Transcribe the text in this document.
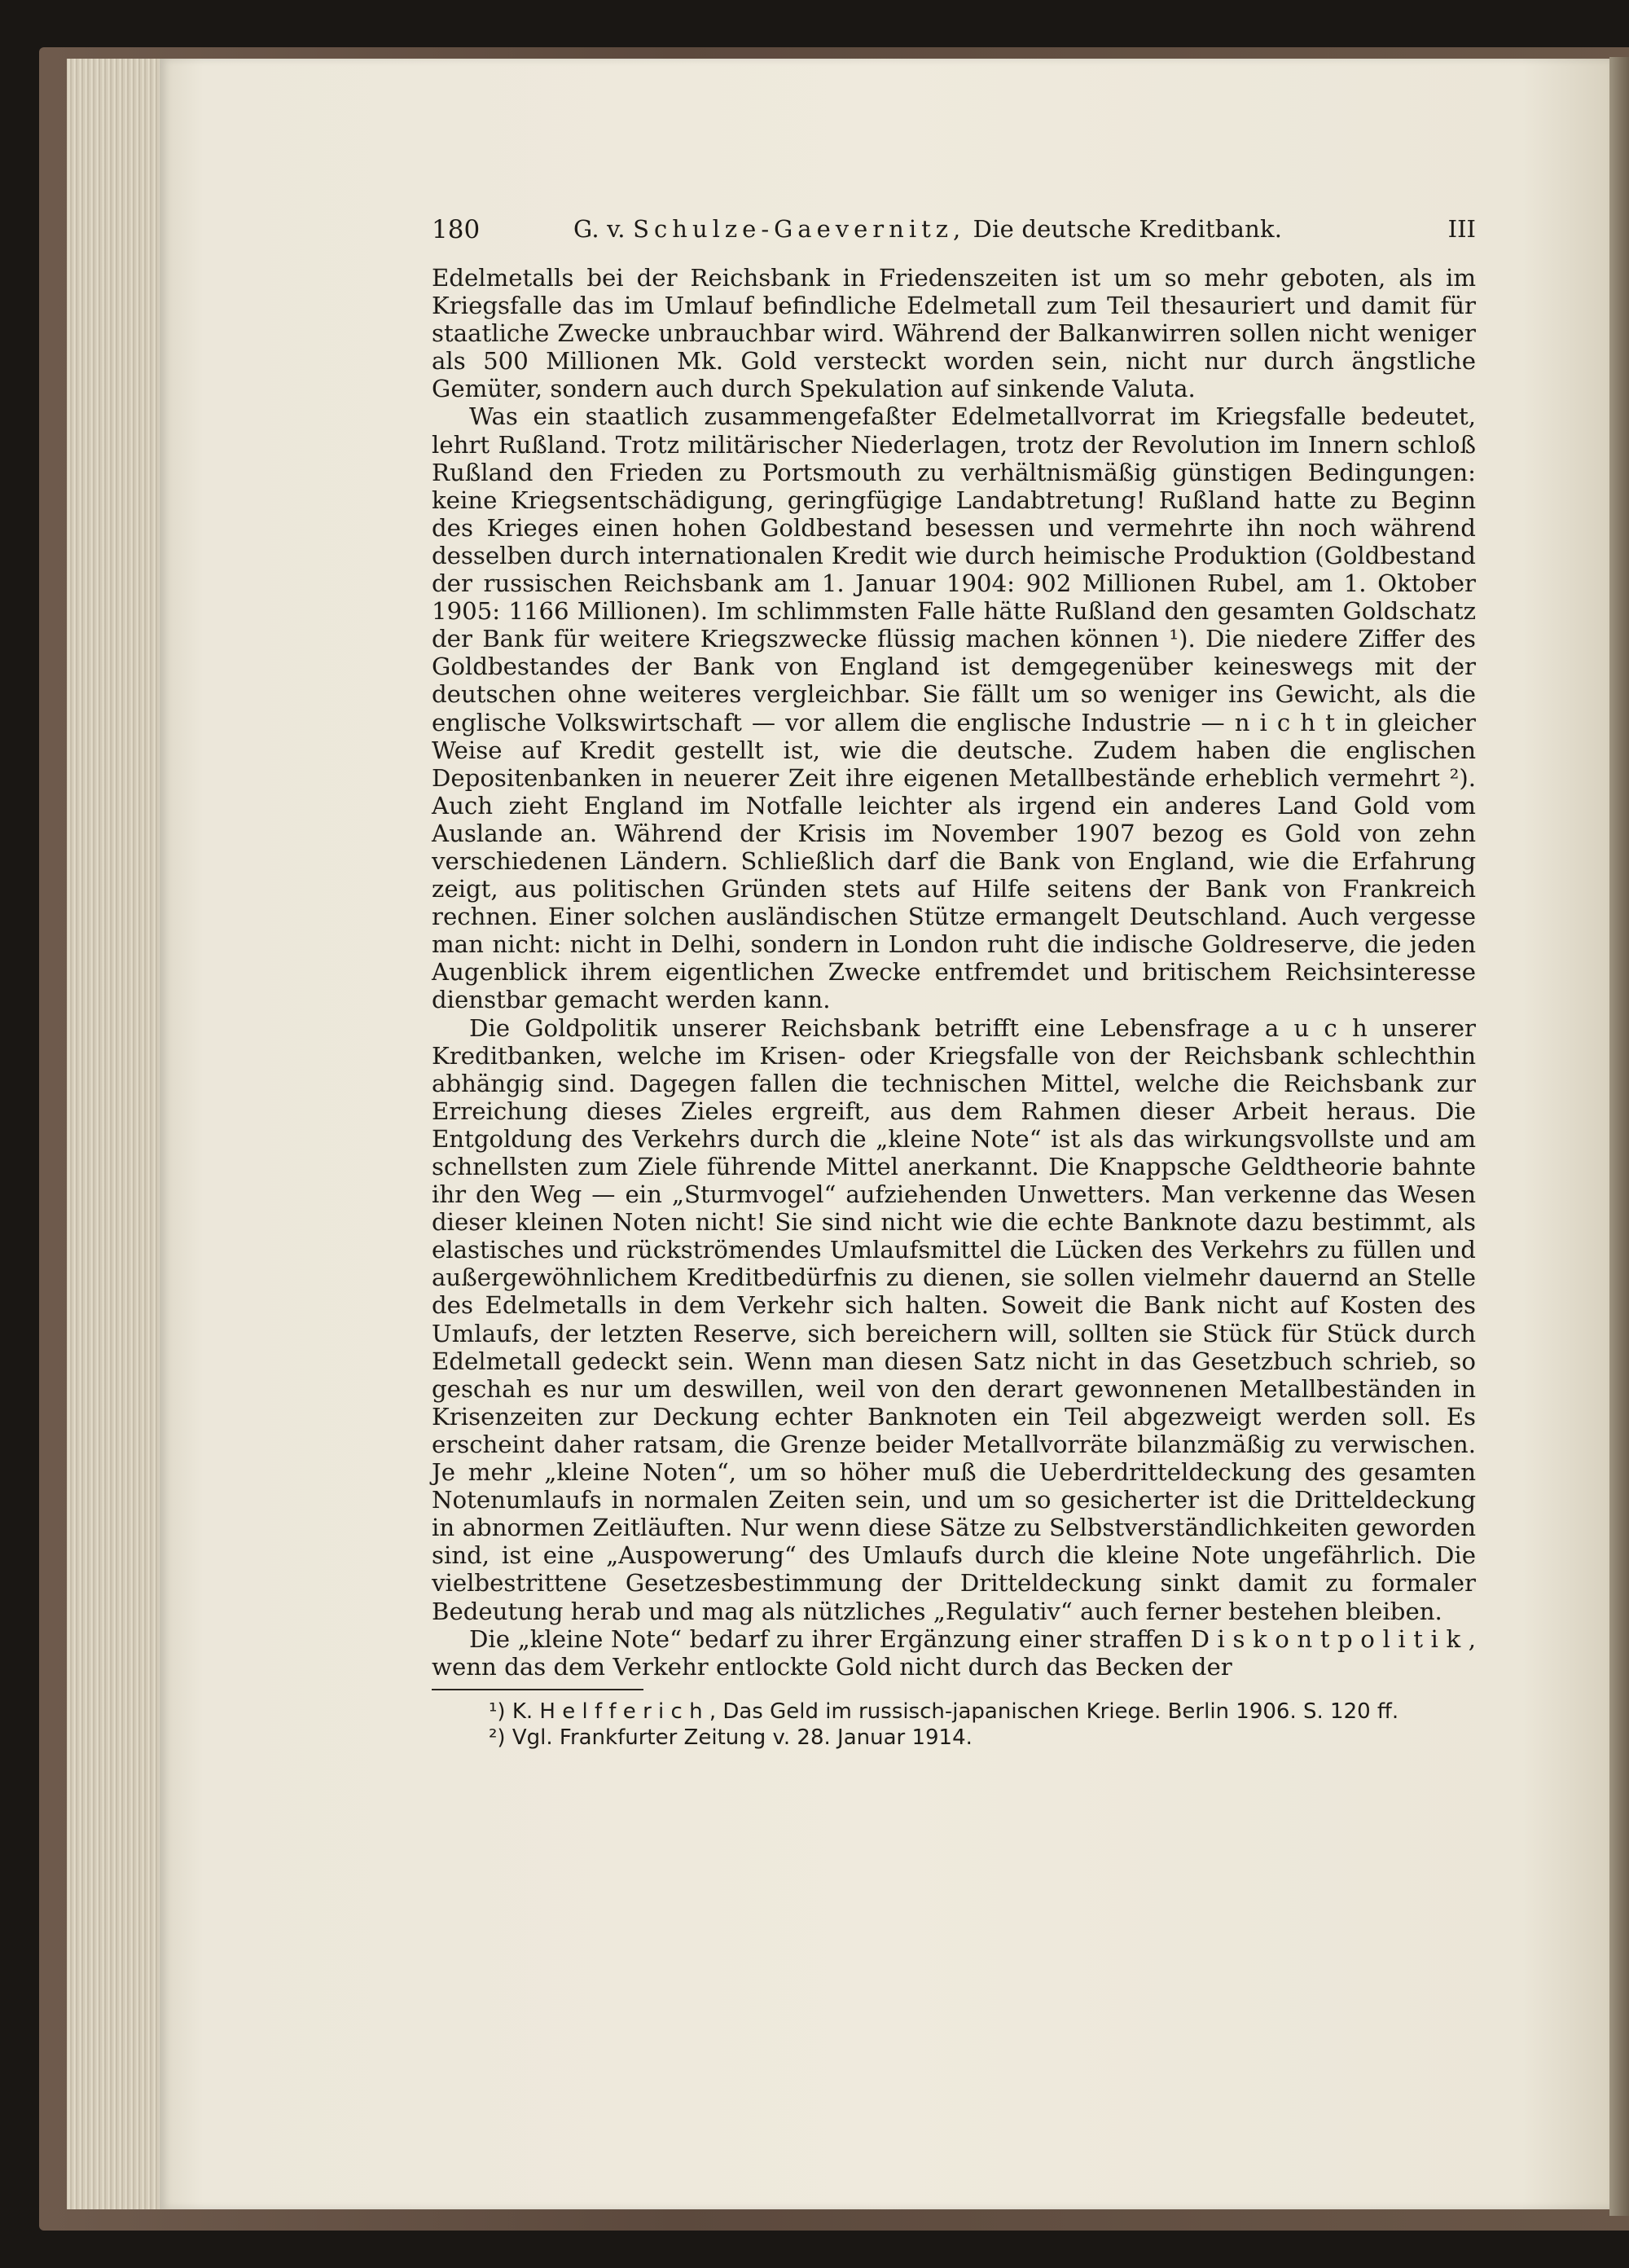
180	G. v. Schulze-Gaevernitz, Die deutsche Kreditbank.	III

Edelmetalls bei der Reichsbank in Friedenszeiten ist um so mehr geboten, als im Kriegsfalle das im Umlauf befindliche Edelmetall zum Teil thesauriert und damit für staatliche Zwecke unbrauchbar wird. Während der Balkanwirren sollen nicht weniger als 500 Millionen Mk. Gold versteckt worden sein, nicht nur durch ängstliche Gemüter, sondern auch durch Spekulation auf sinkende Valuta.

Was ein staatlich zusammengefaßter Edelmetallvorrat im Kriegsfalle bedeutet, lehrt Rußland. Trotz militärischer Niederlagen, trotz der Revolution im Innern schloß Rußland den Frieden zu Portsmouth zu verhältnismäßig günstigen Bedingungen: keine Kriegsentschädigung, geringfügige Landabtretung! Rußland hatte zu Beginn des Krieges einen hohen Goldbestand besessen und vermehrte ihn noch während desselben durch internationalen Kredit wie durch heimische Produktion (Goldbestand der russischen Reichsbank am 1. Januar 1904: 902 Millionen Rubel, am 1. Oktober 1905: 1166 Millionen). Im schlimmsten Falle hätte Rußland den gesamten Goldschatz der Bank für weitere Kriegszwecke flüssig machen können ¹). Die niedere Ziffer des Goldbestandes der Bank von England ist demgegenüber keineswegs mit der deutschen ohne weiteres vergleichbar. Sie fällt um so weniger ins Gewicht, als die englische Volkswirtschaft — vor allem die englische Industrie — n i c h t in gleicher Weise auf Kredit gestellt ist, wie die deutsche. Zudem haben die englischen Depositenbanken in neuerer Zeit ihre eigenen Metallbestände erheblich vermehrt ²). Auch zieht England im Notfalle leichter als irgend ein anderes Land Gold vom Auslande an. Während der Krisis im November 1907 bezog es Gold von zehn verschiedenen Ländern. Schließlich darf die Bank von England, wie die Erfahrung zeigt, aus politischen Gründen stets auf Hilfe seitens der Bank von Frankreich rechnen. Einer solchen ausländischen Stütze ermangelt Deutschland. Auch vergesse man nicht: nicht in Delhi, sondern in London ruht die indische Goldreserve, die jeden Augenblick ihrem eigentlichen Zwecke entfremdet und britischem Reichsinteresse dienstbar gemacht werden kann.

Die Goldpolitik unserer Reichsbank betrifft eine Lebensfrage a u c h unserer Kreditbanken, welche im Krisen- oder Kriegsfalle von der Reichsbank schlechthin abhängig sind. Dagegen fallen die technischen Mittel, welche die Reichsbank zur Erreichung dieses Zieles ergreift, aus dem Rahmen dieser Arbeit heraus. Die Entgoldung des Verkehrs durch die „kleine Note“ ist als das wirkungsvollste und am schnellsten zum Ziele führende Mittel anerkannt. Die Knappsche Geldtheorie bahnte ihr den Weg — ein „Sturmvogel“ aufziehenden Unwetters. Man verkenne das Wesen dieser kleinen Noten nicht! Sie sind nicht wie die echte Banknote dazu bestimmt, als elastisches und rückströmendes Umlaufsmittel die Lücken des Verkehrs zu füllen und außergewöhnlichem Kreditbedürfnis zu dienen, sie sollen vielmehr dauernd an Stelle des Edelmetalls in dem Verkehr sich halten. Soweit die Bank nicht auf Kosten des Umlaufs, der letzten Reserve, sich bereichern will, sollten sie Stück für Stück durch Edelmetall gedeckt sein. Wenn man diesen Satz nicht in das Gesetzbuch schrieb, so geschah es nur um deswillen, weil von den derart gewonnenen Metallbeständen in Krisenzeiten zur Deckung echter Banknoten ein Teil abgezweigt werden soll. Es erscheint daher ratsam, die Grenze beider Metallvorräte bilanzmäßig zu verwischen. Je mehr „kleine Noten“, um so höher muß die Ueberdritteldeckung des gesamten Notenumlaufs in normalen Zeiten sein, und um so gesicherter ist die Dritteldeckung in abnormen Zeitläuften. Nur wenn diese Sätze zu Selbstverständlichkeiten geworden sind, ist eine „Auspowerung“ des Umlaufs durch die kleine Note ungefährlich. Die vielbestrittene Gesetzesbestimmung der Dritteldeckung sinkt damit zu formaler Bedeutung herab und mag als nützliches „Regulativ“ auch ferner bestehen bleiben.

Die „kleine Note“ bedarf zu ihrer Ergänzung einer straffen D i s k o n t p o l i t i k , wenn das dem Verkehr entlockte Gold nicht durch das Becken der

¹) K. H e l f f e r i c h , Das Geld im russisch-japanischen Kriege. Berlin 1906. S. 120 ff.
²) Vgl. Frankfurter Zeitung v. 28. Januar 1914.
